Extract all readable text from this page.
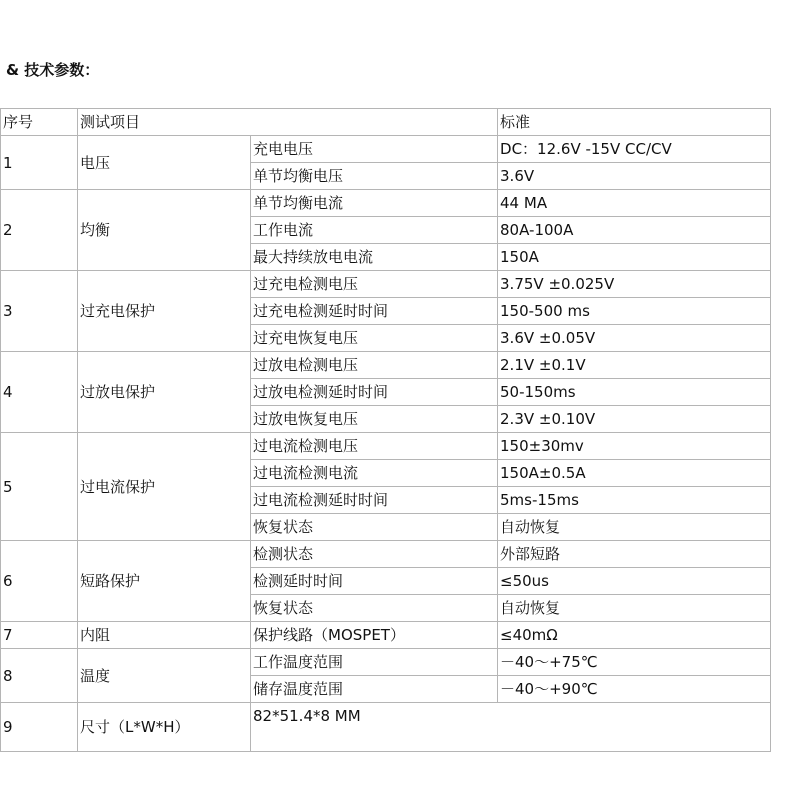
& 技术参数：
序号	测试项目		标准
1	电压	充电电压	DC：12.6V -15V CC/CV
		单节均衡电压	3.6V
2	均衡	单节均衡电流	44 MA
		工作电流	80A-100A
		最大持续放电电流	150A
3	过充电保护	过充电检测电压	3.75V ±0.025V
		过充电检测延时时间	150-500 ms
		过充电恢复电压	3.6V ±0.05V
4	过放电保护	过放电检测电压	2.1V ±0.1V
		过放电检测延时时间	50-150ms
		过放电恢复电压	2.3V ±0.10V
5	过电流保护	过电流检测电压	150±30mv
		过电流检测电流	150A±0.5A
		过电流检测延时时间	5ms-15ms
		恢复状态	自动恢复
6	短路保护	检测状态	外部短路
		检测延时时间	≤50us
		恢复状态	自动恢复
7	内阻	保护线路（MOSPET）	≤40mΩ
8	温度	工作温度范围	－40～+75℃
		储存温度范围	－40～+90℃
9	尺寸（L*W*H）	82*51.4*8 MM	
